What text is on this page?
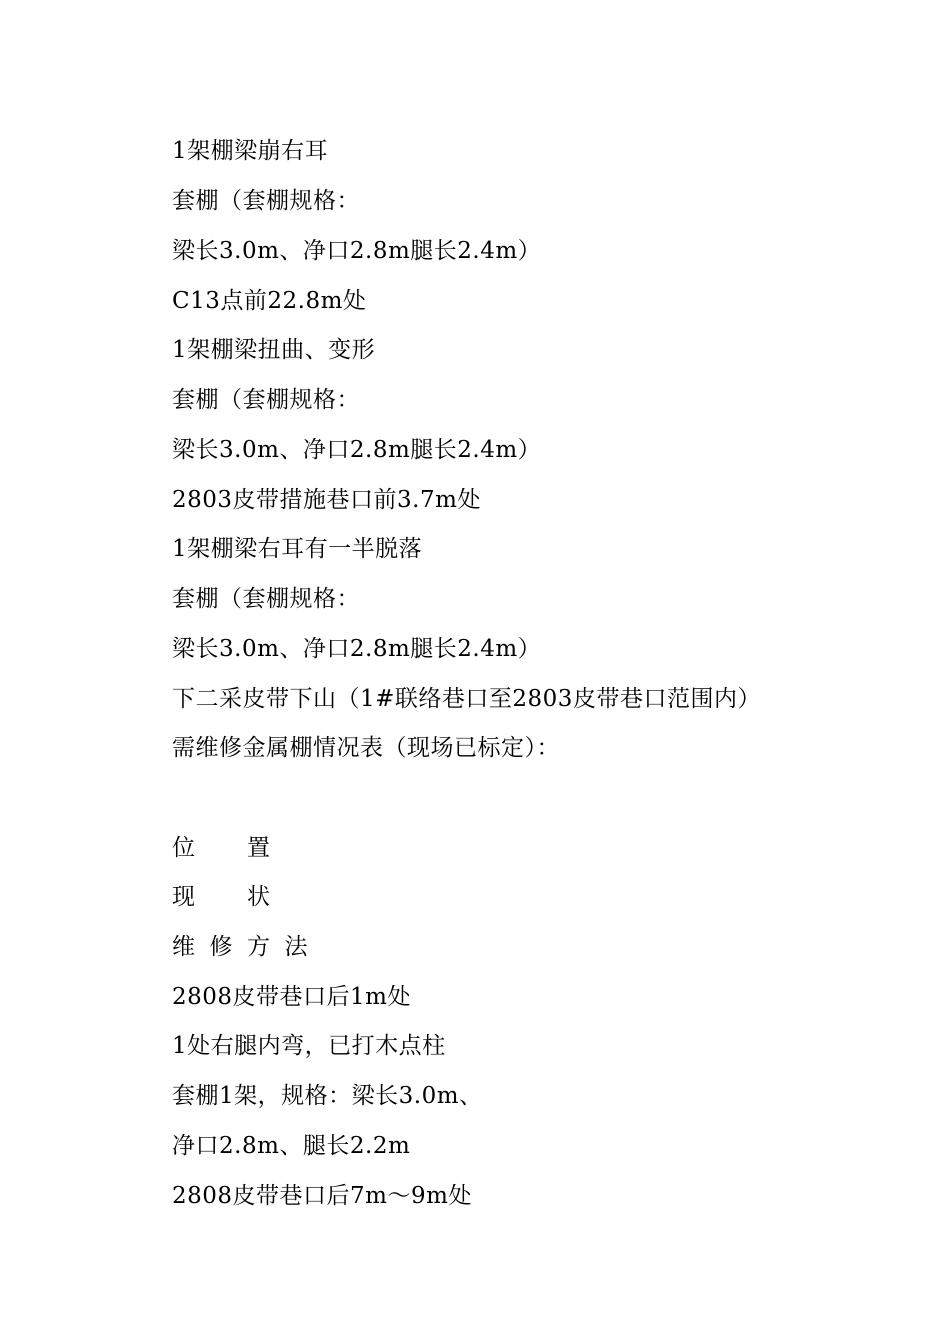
1架棚梁崩右耳
套棚（套棚规格：
梁长3.0m、净口2.8m腿长2.4m）
C13点前22.8m处
1架棚梁扭曲、变形
套棚（套棚规格：
梁长3.0m、净口2.8m腿长2.4m）
2803皮带措施巷口前3.7m处
1架棚梁右耳有一半脱落
套棚（套棚规格：
梁长3.0m、净口2.8m腿长2.4m）
下二采皮带下山（1#联络巷口至2803皮带巷口范围内）
需维修金属棚情况表（现场已标定）：
位 置
现 状
维 修 方 法
2808皮带巷口后1m处
1处右腿内弯，已打木点柱
套棚1架，规格：梁长3.0m、
净口2.8m、腿长2.2m
2808皮带巷口后7m～9m处
